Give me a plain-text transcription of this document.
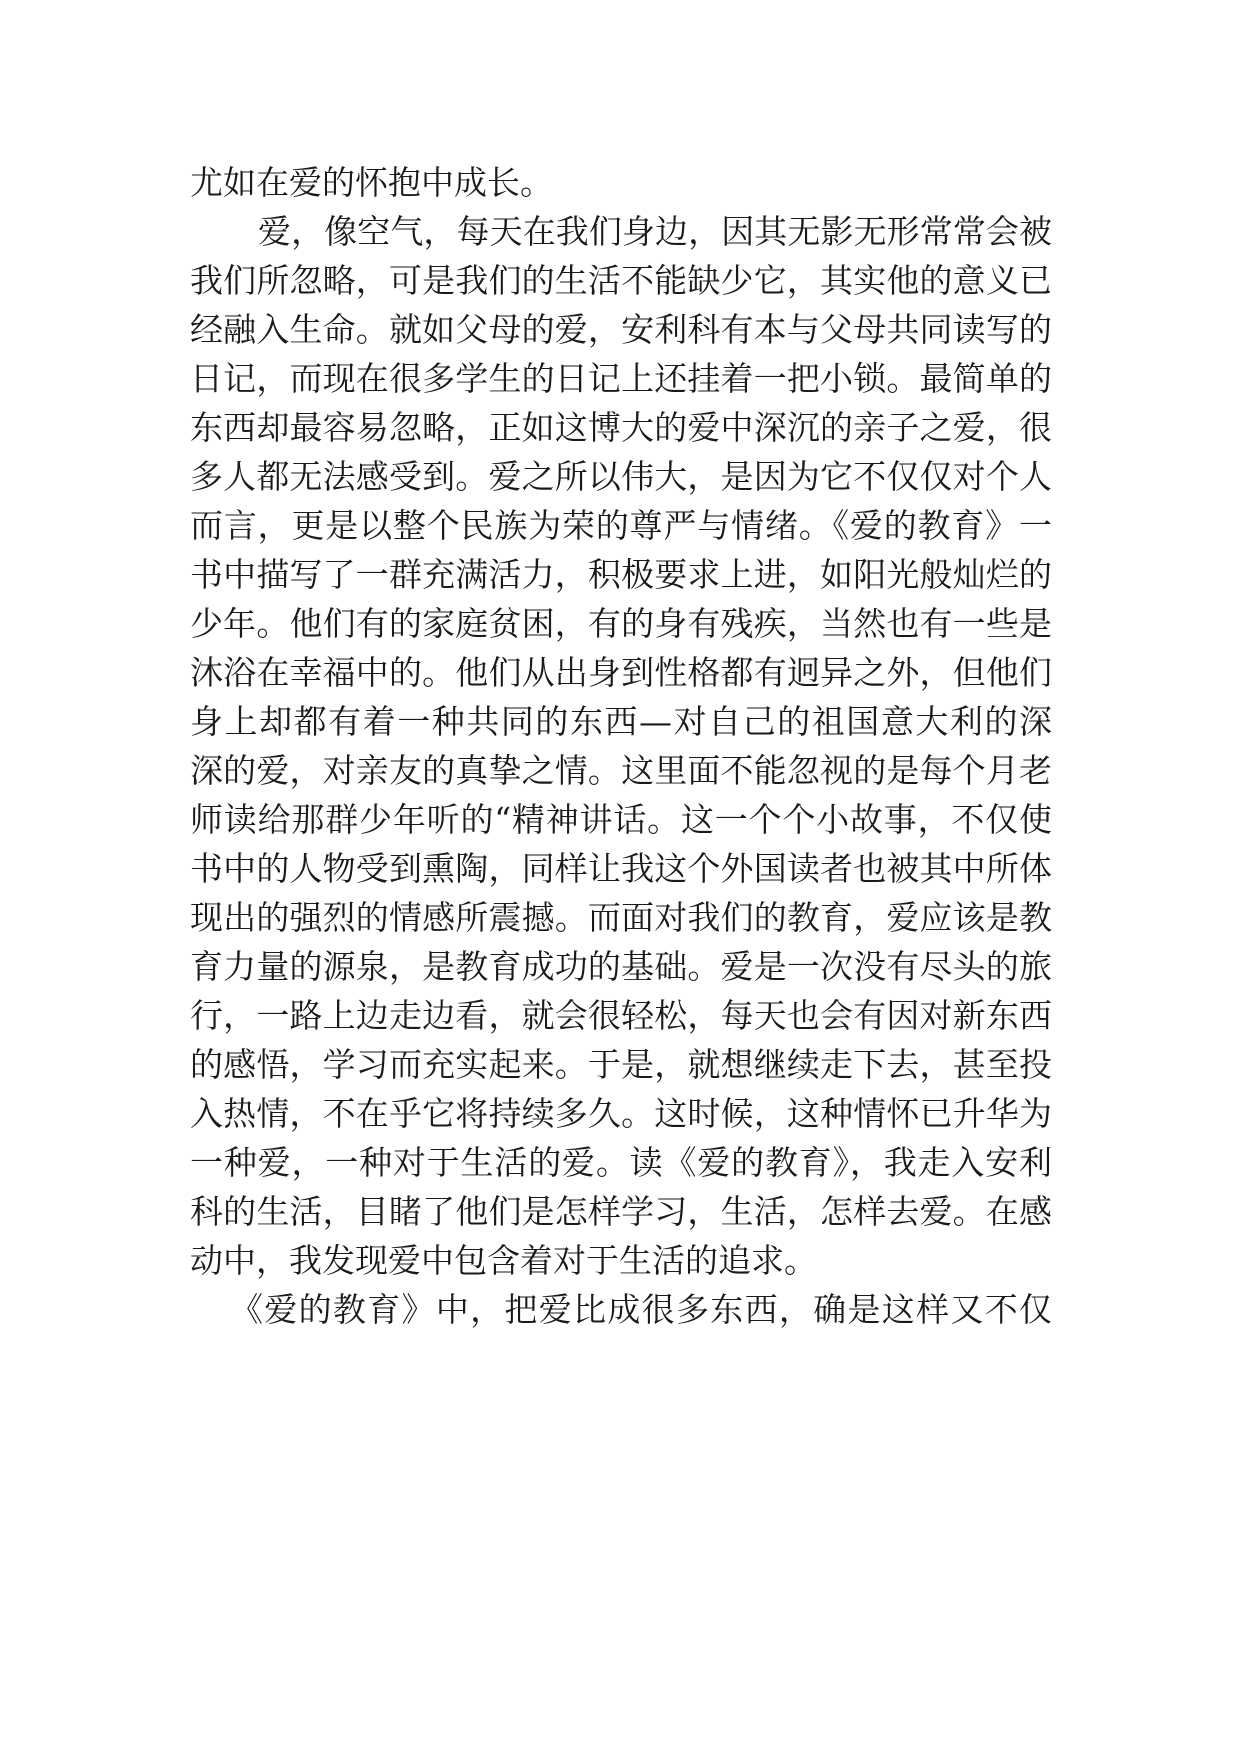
尤如在爱的怀抱中成长。
爱，像空气，每天在我们身边，因其无影无形常常会被
我们所忽略，可是我们的生活不能缺少它，其实他的意义已
经融入生命。就如父母的爱，安利科有本与父母共同读写的
日记，而现在很多学生的日记上还挂着一把小锁。最简单的
东西却最容易忽略，正如这博大的爱中深沉的亲子之爱，很
多人都无法感受到。爱之所以伟大，是因为它不仅仅对个人
而言，更是以整个民族为荣的尊严与情绪。《爱的教育》一
书中描写了一群充满活力，积极要求上进，如阳光般灿烂的
少年。他们有的家庭贫困，有的身有残疾，当然也有一些是
沐浴在幸福中的。他们从出身到性格都有迥异之外，但他们
身上却都有着一种共同的东西—对自己的祖国意大利的深
深的爱，对亲友的真挚之情。这里面不能忽视的是每个月老
师读给那群少年听的“精神讲话。这一个个小故事，不仅使
书中的人物受到熏陶，同样让我这个外国读者也被其中所体
现出的强烈的情感所震撼。而面对我们的教育，爱应该是教
育力量的源泉，是教育成功的基础。爱是一次没有尽头的旅
行，一路上边走边看，就会很轻松，每天也会有因对新东西
的感悟，学习而充实起来。于是，就想继续走下去，甚至投
入热情，不在乎它将持续多久。这时候，这种情怀已升华为
一种爱，一种对于生活的爱。读《爱的教育》，我走入安利
科的生活，目睹了他们是怎样学习，生活，怎样去爱。在感
动中，我发现爱中包含着对于生活的追求。
《爱的教育》中，把爱比成很多东西，确是这样又不仅
